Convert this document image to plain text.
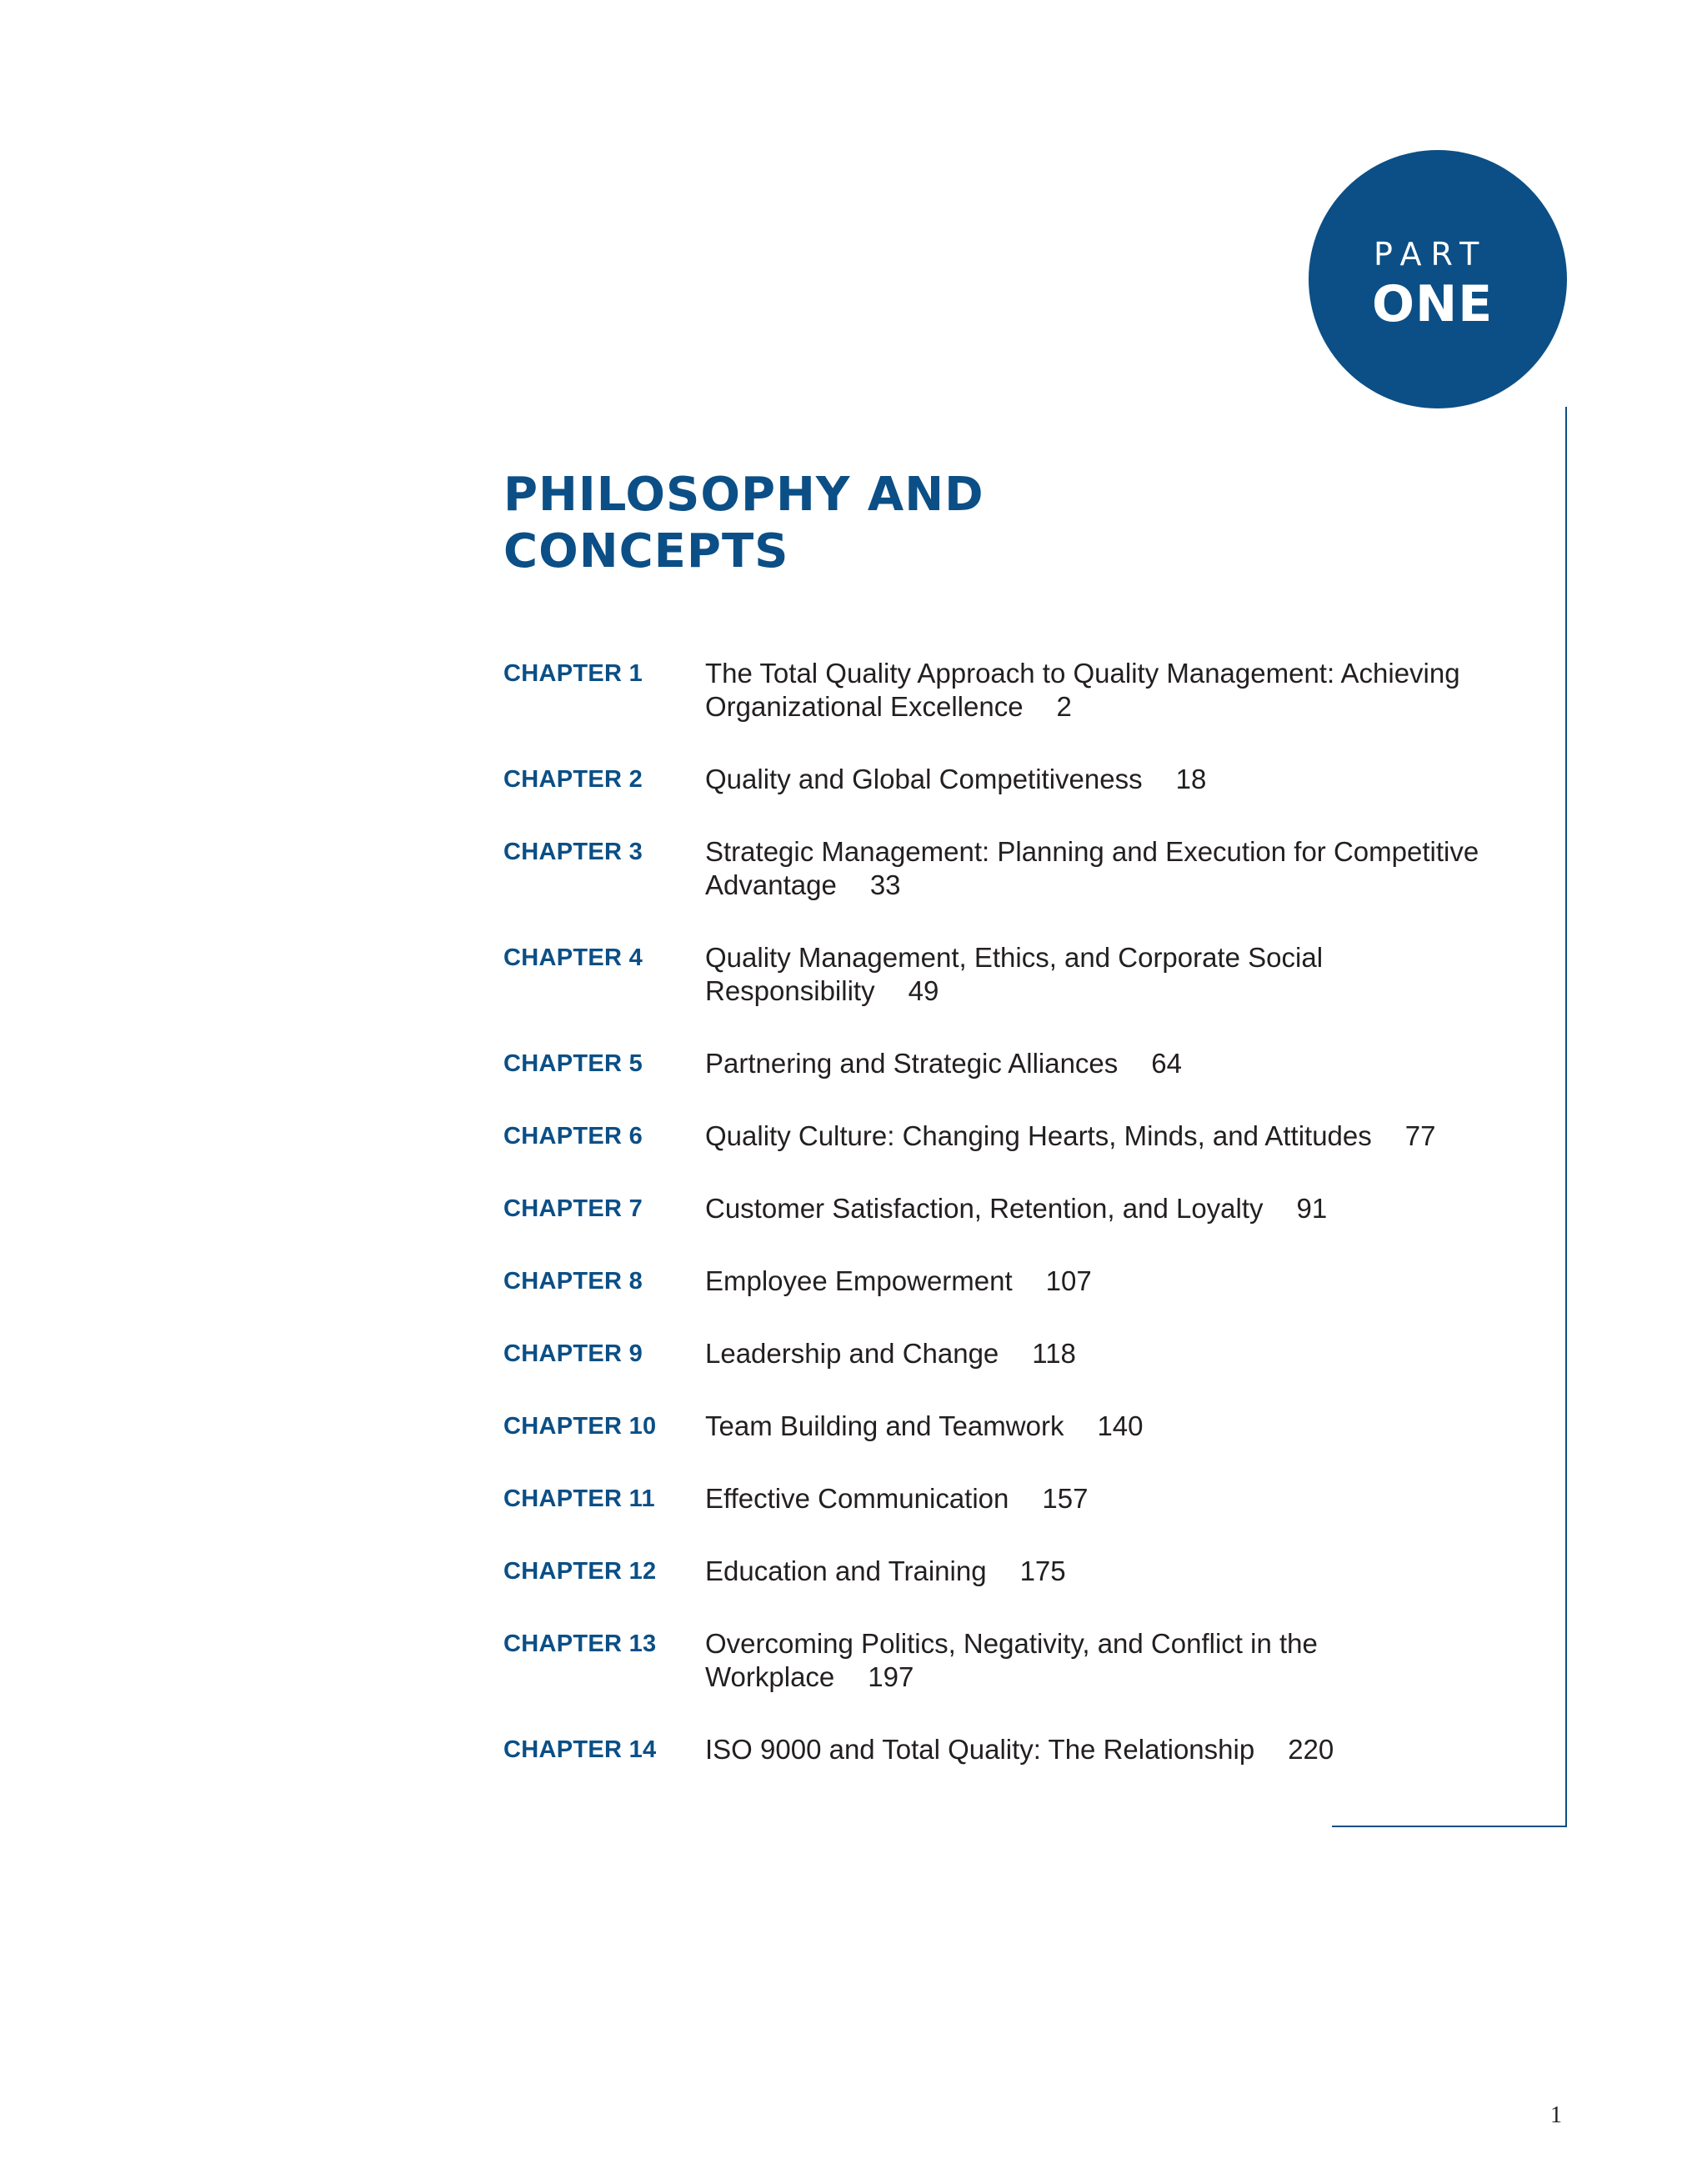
PART
ONE
PHILOSOPHY AND
CONCEPTS
CHAPTER 1 The Total Quality Approach to Quality Management: Achieving
Organizational Excellence 2
CHAPTER 2 Quality and Global Competitiveness 18
CHAPTER 3 Strategic Management: Planning and Execution for Competitive
Advantage 33
CHAPTER 4 Quality Management, Ethics, and Corporate Social
Responsibility 49
CHAPTER 5 Partnering and Strategic Alliances 64
CHAPTER 6 Quality Culture: Changing Hearts, Minds, and Attitudes 77
CHAPTER 7 Customer Satisfaction, Retention, and Loyalty 91
CHAPTER 8 Employee Empowerment 107
CHAPTER 9 Leadership and Change 118
CHAPTER 10 Team Building and Teamwork 140
CHAPTER 11 Effective Communication 157
CHAPTER 12 Education and Training 175
CHAPTER 13 Overcoming Politics, Negativity, and Conflict in the
Workplace 197
CHAPTER 14 ISO 9000 and Total Quality: The Relationship 220
1
